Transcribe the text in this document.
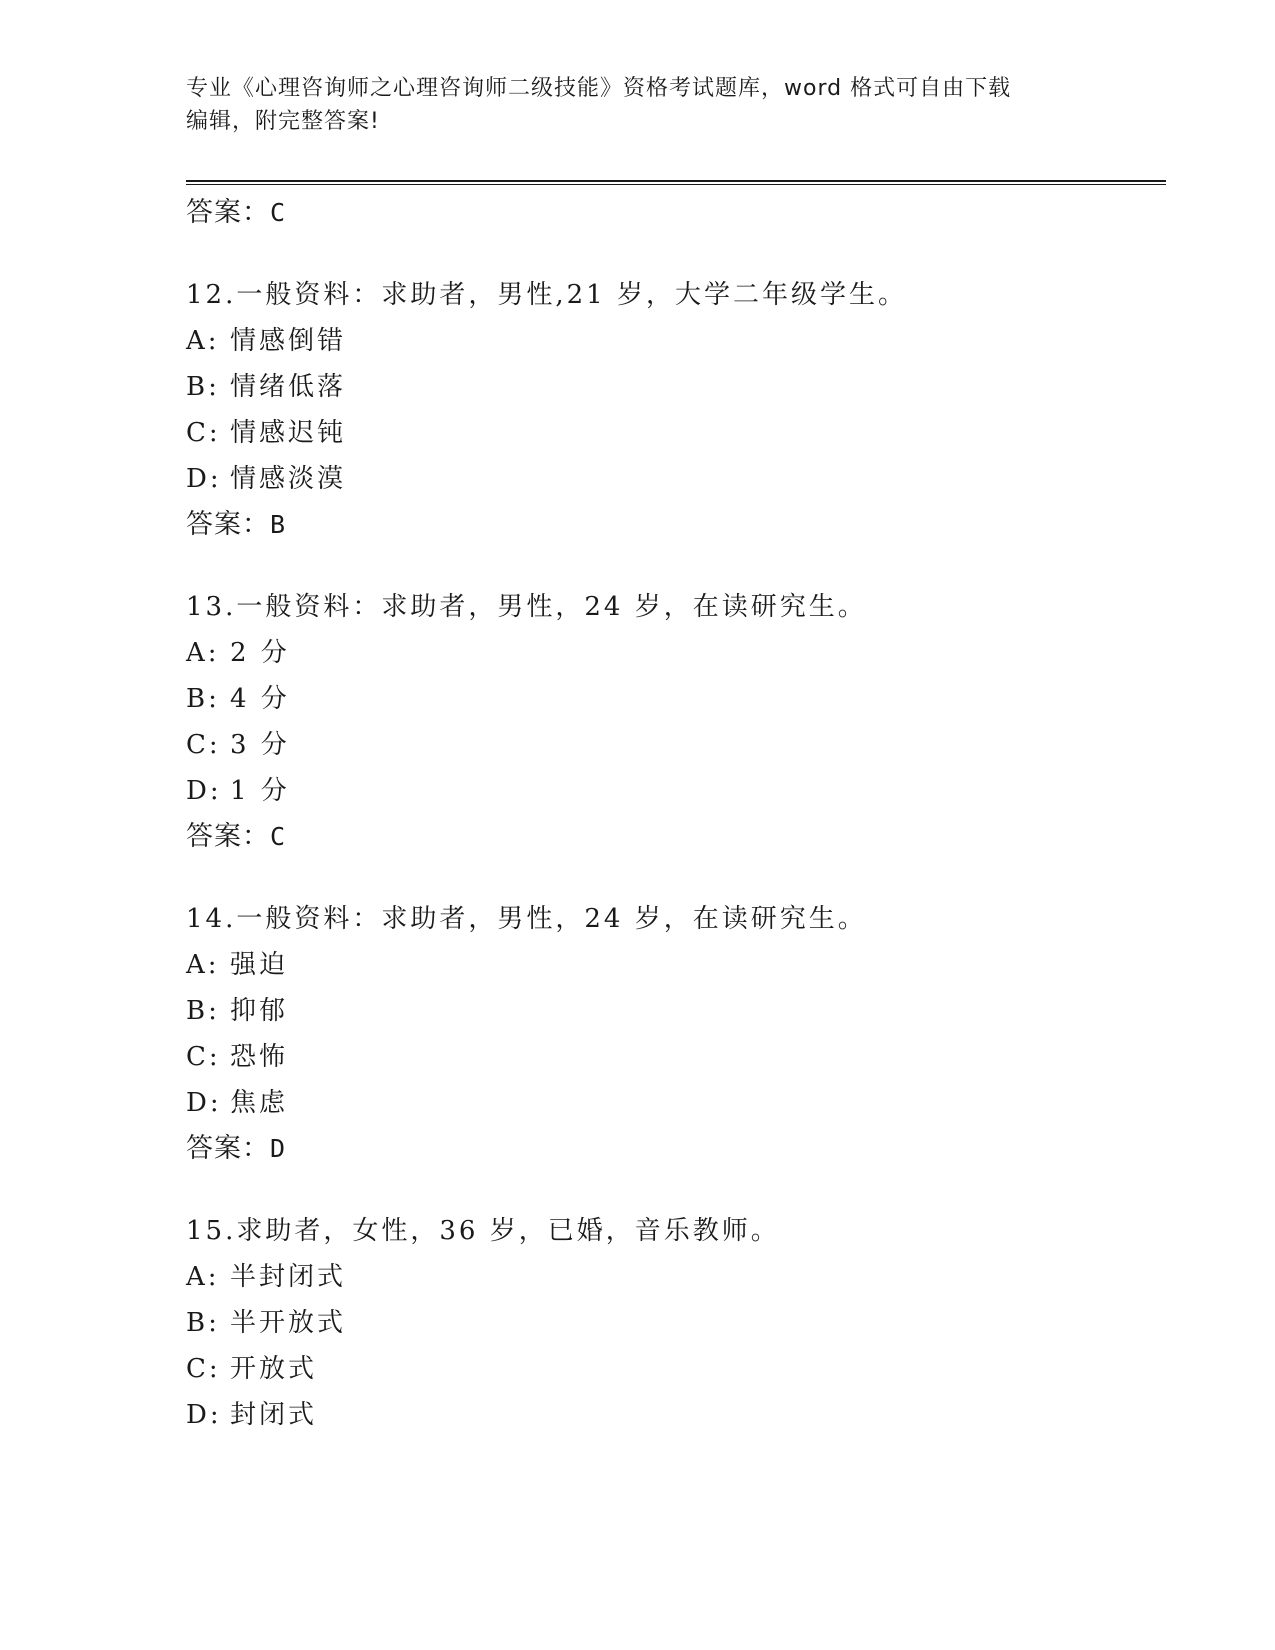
专业《心理咨询师之心理咨询师二级技能》资格考试题库，word 格式可自由下载
编辑，附完整答案!
答案：C
12.一般资料：求助者，男性,21 岁，大学二年级学生。
A: 情感倒错
B: 情绪低落
C: 情感迟钝
D: 情感淡漠
答案：B
13.一般资料：求助者，男性，24 岁，在读研究生。
A: 2 分
B: 4 分
C: 3 分
D: 1 分
答案：C
14.一般资料：求助者，男性，24 岁，在读研究生。
A: 强迫
B: 抑郁
C: 恐怖
D: 焦虑
答案：D
15.求助者，女性，36 岁，已婚，音乐教师。
A: 半封闭式
B: 半开放式
C: 开放式
D: 封闭式
